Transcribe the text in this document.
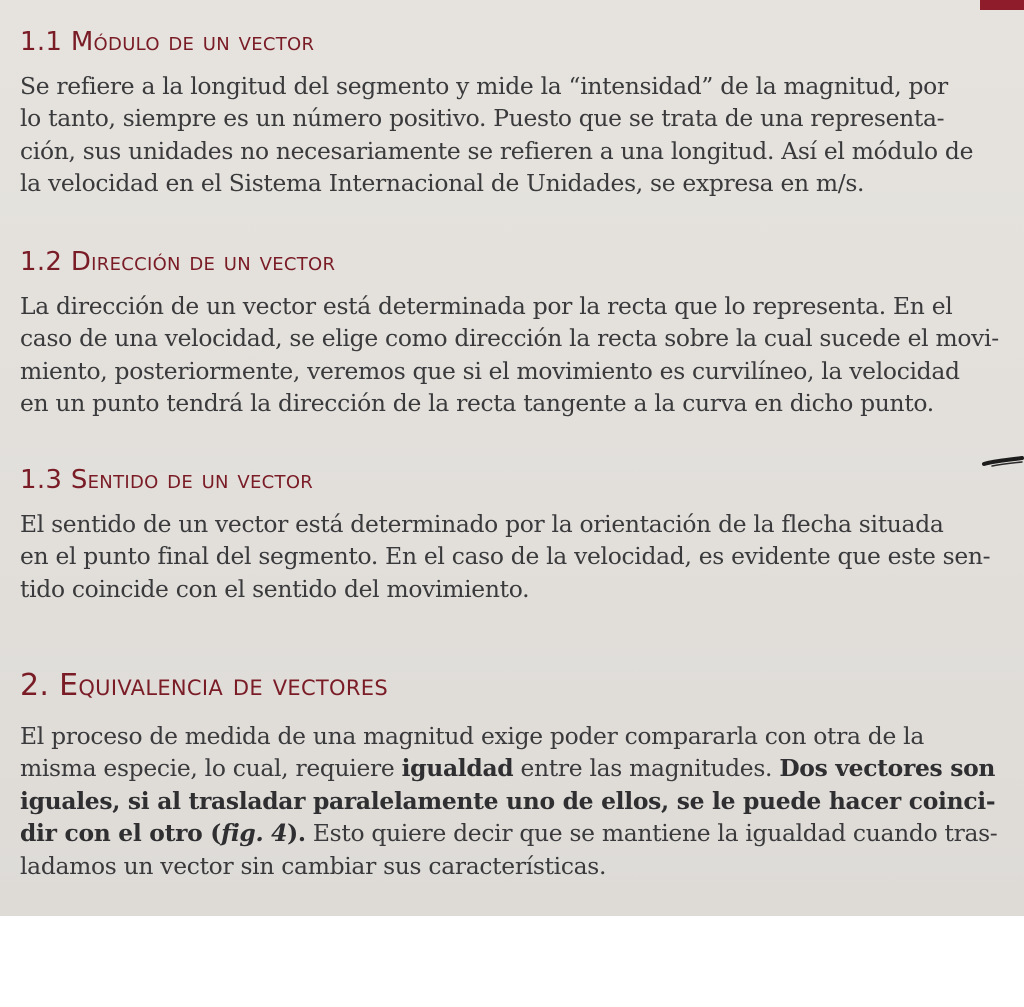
1.1 Módulo de un vector

Se refiere a la longitud del segmento y mide la “intensidad” de la magnitud, por
lo tanto, siempre es un número positivo. Puesto que se trata de una representa-
ción, sus unidades no necesariamente se refieren a una longitud. Así el módulo de
la velocidad en el Sistema Internacional de Unidades, se expresa en m/s.

1.2 Dirección de un vector

La dirección de un vector está determinada por la recta que lo representa. En el
caso de una velocidad, se elige como dirección la recta sobre la cual sucede el movi-
miento, posteriormente, veremos que si el movimiento es curvilíneo, la velocidad
en un punto tendrá la dirección de la recta tangente a la curva en dicho punto.

1.3 Sentido de un vector

El sentido de un vector está determinado por la orientación de la flecha situada
en el punto final del segmento. En el caso de la velocidad, es evidente que este sen-
tido coincide con el sentido del movimiento.

2. Equivalencia de vectores

El proceso de medida de una magnitud exige poder compararla con otra de la
misma especie, lo cual, requiere igualdad entre las magnitudes. Dos vectores son
iguales, si al trasladar paralelamente uno de ellos, se le puede hacer coinci-
dir con el otro (fig. 4). Esto quiere decir que se mantiene la igualdad cuando tras-
ladamos un vector sin cambiar sus características.
